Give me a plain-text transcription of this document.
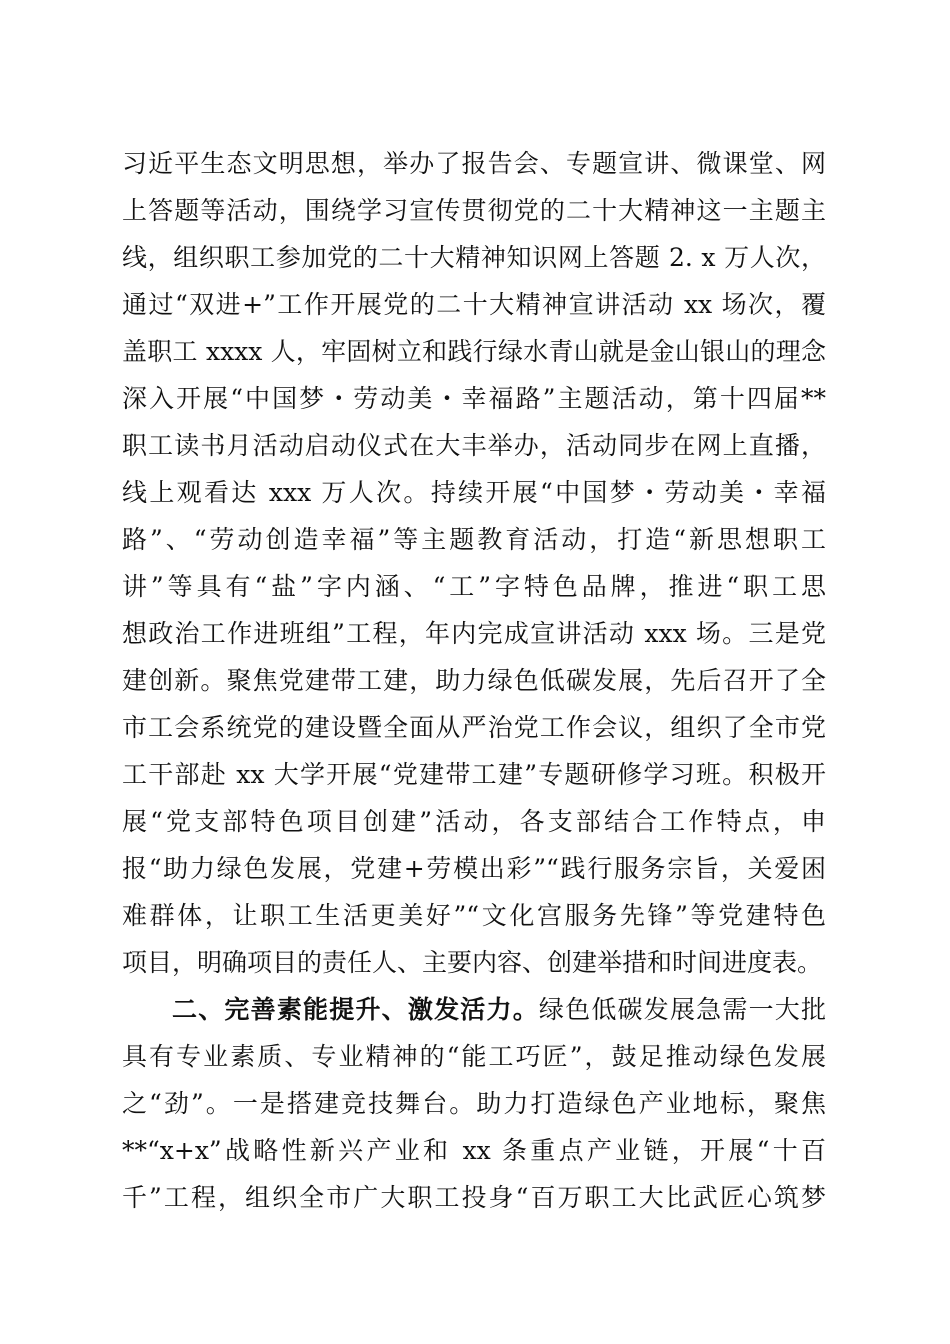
习近平生态文明思想，举办了报告会、专题宣讲、微课堂、网
上答题等活动，围绕学习宣传贯彻党的二十大精神这一主题主
线，组织职工参加党的二十大精神知识网上答题 2. x 万人次，
通过“双进+”工作开展党的二十大精神宣讲活动 xx 场次，覆
盖职工 xxxx 人，牢固树立和践行绿水青山就是金山银山的理念
深入开展“中国梦・劳动美・幸福路”主题活动，第十四届**
职工读书月活动启动仪式在大丰举办，活动同步在网上直播，
线上观看达 xxx 万人次。持续开展“中国梦・劳动美・幸福
路”、“劳动创造幸福”等主题教育活动，打造“新思想职工
讲”等具有“盐”字内涵、“工”字特色品牌，推进“职工思
想政治工作进班组”工程，年内完成宣讲活动 xxx 场。三是党
建创新。聚焦党建带工建，助力绿色低碳发展，先后召开了全
市工会系统党的建设暨全面从严治党工作会议，组织了全市党
工干部赴 xx 大学开展“党建带工建”专题研修学习班。积极开
展“党支部特色项目创建”活动，各支部结合工作特点，申
报“助力绿色发展，党建+劳模出彩”“践行服务宗旨，关爱困
难群体，让职工生活更美好”“文化宫服务先锋”等党建特色
项目，明确项目的责任人、主要内容、创建举措和时间进度表。
二、完善素能提升、激发活力。绿色低碳发展急需一大批
具有专业素质、专业精神的“能工巧匠”，鼓足推动绿色发展
之“劲”。一是搭建竞技舞台。助力打造绿色产业地标，聚焦
**“x+x”战略性新兴产业和 xx 条重点产业链，开展“十百
千”工程，组织全市广大职工投身“百万职工大比武匠心筑梦
